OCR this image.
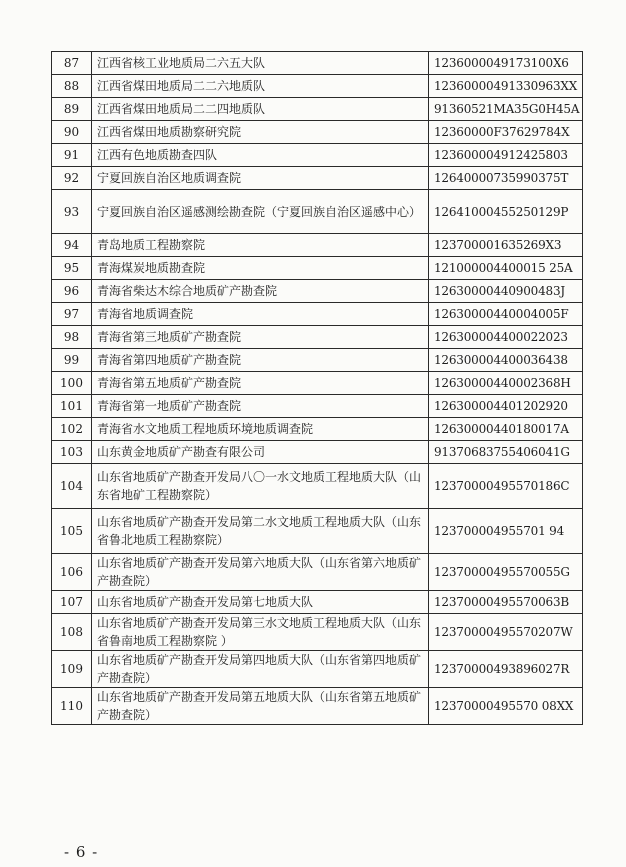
87	江西省核工业地质局二六五大队	1236000049173100X6
88	江西省煤田地质局二二六地质队	12360000491330963XX
89	江西省煤田地质局二二四地质队	91360521MA35G0H45A
90	江西省煤田地质勘察研究院	12360000F37629784X
91	江西有色地质勘查四队	123600004912425803
92	宁夏回族自治区地质调查院	12640000735990375T
93	宁夏回族自治区遥感测绘勘查院（宁夏回族自治区遥感中心）	12641000455250129P
94	青岛地质工程勘察院	123700001635269X3
95	青海煤炭地质勘查院	121000004400015 25A
96	青海省柴达木综合地质矿产勘查院	12630000440900483J
97	青海省地质调查院	12630000440004005F
98	青海省第三地质矿产勘查院	126300004400022023
99	青海省第四地质矿产勘查院	126300004400036438
100	青海省第五地质矿产勘查院	12630000440002368H
101	青海省第一地质矿产勘查院	126300004401202920
102	青海省水文地质工程地质环境地质调查院	12630000440180017A
103	山东黄金地质矿产勘查有限公司	91370683755406041G
104	山东省地质矿产勘查开发局八〇一水文地质工程地质大队（山东省地矿工程勘察院）	12370000495570186C
105	山东省地质矿产勘查开发局第二水文地质工程地质大队（山东省鲁北地质工程勘察院）	123700004955701 94
106	山东省地质矿产勘查开发局第六地质大队（山东省第六地质矿产勘查院）	12370000495570055G
107	山东省地质矿产勘查开发局第七地质大队	12370000495570063B
108	山东省地质矿产勘查开发局第三水文地质工程地质大队（山东省鲁南地质工程勘察院 ）	12370000495570207W
109	山东省地质矿产勘查开发局第四地质大队（山东省第四地质矿产勘查院）	12370000493896027R
110	山东省地质矿产勘查开发局第五地质大队（山东省第五地质矿产勘查院）	12370000495570 08XX
- 6 -
